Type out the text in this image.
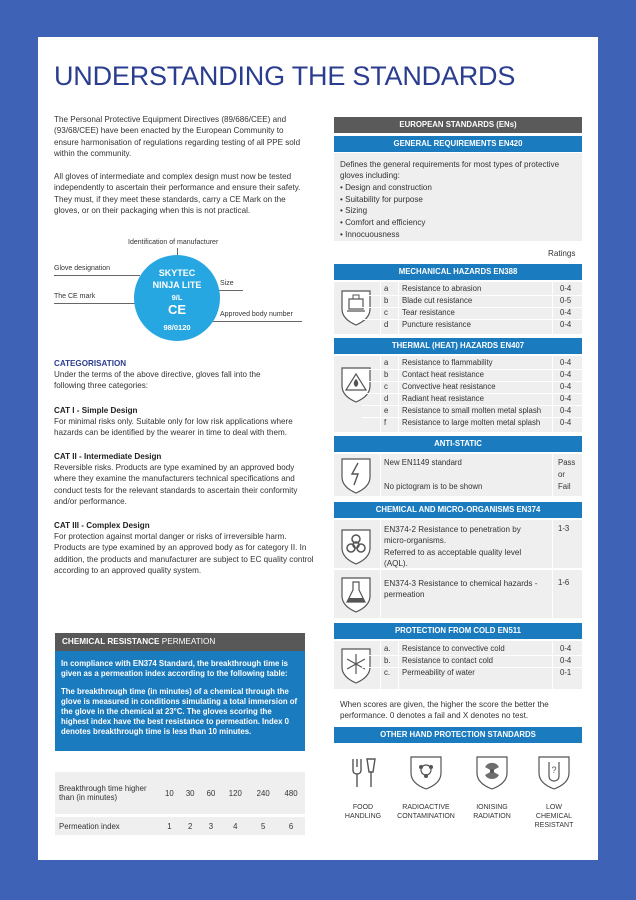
UNDERSTANDING THE STANDARDS
The Personal Protective Equipment Directives (89/686/CEE) and (93/68/CEE) have been enacted by the European Community to ensure harmonisation of regulations regarding testing of all PPE sold within the community.
All gloves of intermediate and complex design must now be tested independently to ascertain their performance and ensure their safety. They must, if they meet these standards, carry a CE Mark on the gloves, or on their packaging when this is not practical.
Identification of manufacturer
Glove designation
Size
The CE mark
Approved body number
SKYTEC
NINJA LITE
9/L
CE
98/0120
CATEGORISATION
Under the terms of the above directive, gloves fall into the following three categories:
CAT I - Simple Design
For minimal risks only. Suitable only for low risk applications where hazards can be identified by the wearer in time to deal with them.
CAT II - Intermediate Design
Reversible risks. Products are type examined by an approved body where they examine the manufacturers technical specifications and conduct tests for the relevant standards to ascertain their conformity and/or performance.
CAT III - Complex Design
For protection against mortal danger or risks of irreversible harm. Products are type examined by an approved body as for category II. In addition, the products and manufacturer are subject to EC quality control according to an approved quality system.
CHEMICAL RESISTANCE PERMEATION
In compliance with EN374 Standard, the breakthrough time is given as a permeation index according to the following table:
The breakthrough time (in minutes) of a chemical through the glove is measured in conditions simulating a total immersion of the glove in the chemical at 23°C. The gloves scoring the highest index have the best resistance to permeation. Index 0 denotes breakthrough time is less than 10 minutes.
Breakthrough time higher than (in minutes)	10	30	60	120	240	480
Permeation index	1	2	3	4	5	6
EUROPEAN STANDARDS (ENs)
GENERAL REQUIREMENTS EN420
Defines the general requirements for most types of protective gloves including:
• Design and construction
• Suitability for purpose
• Sizing
• Comfort and efficiency
• Innocuousness
Ratings
MECHANICAL HAZARDS EN388
a Resistance to abrasion	0-4
b Blade cut resistance	0-5
c Tear resistance	0-4
d Puncture resistance	0-4
THERMAL (HEAT) HAZARDS EN407
a Resistance to flammability	0-4
b Contact heat resistance	0-4
c Convective heat resistance	0-4
d Radiant heat resistance	0-4
e Resistance to small molten metal splash 0-4
f Resistance to large molten metal splash	0-4
ANTI-STATIC
New EN1149 standard	Pass
or
No pictogram is to be shown	Fail
CHEMICAL AND MICRO-ORGANISMS EN374
EN374-2 Resistance to penetration by micro-organisms.
Referred to as acceptable quality level (AQL).
1-3
EN374-3 Resistance to chemical hazards - permeation
1-6
PROTECTION FROM COLD EN511
a. Resistance to convective cold	0-4
b. Resistance to contact cold	0-4
c. Permeability of water	0-1
When scores are given, the higher the score the better the performance. 0 denotes a fail and X denotes no test.
OTHER HAND PROTECTION STANDARDS
FOOD
HANDLING
RADIOACTIVE
CONTAMINATION
IONISING
RADIATION
?
LOW
CHEMICAL
RESISTANT
